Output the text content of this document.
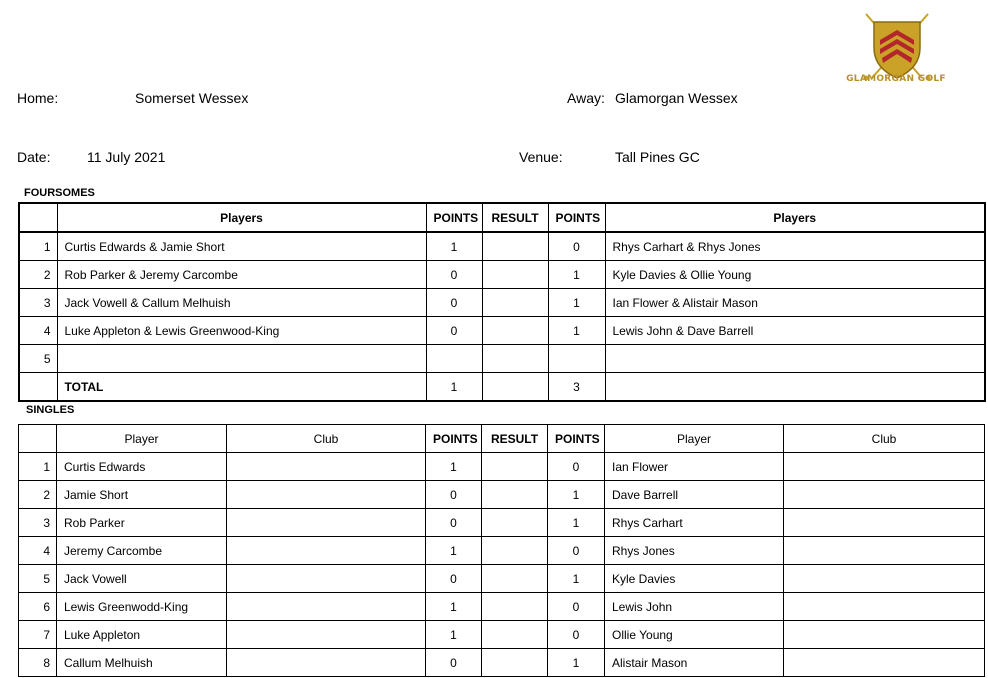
GLAMORGAN GOLF
Home:	Somerset Wessex	Away: Glamorgan Wessex
Date:	11 July 2021	Venue:	Tall Pines GC
FOURSOMES
	Players	POINTS	RESULT	POINTS	Players
1	Curtis Edwards & Jamie Short	1		0	Rhys Carhart & Rhys Jones
2	Rob Parker & Jeremy Carcombe	0		1	Kyle Davies & Ollie Young
3	Jack Vowell & Callum Melhuish	0		1	Ian Flower & Alistair Mason
4	Luke Appleton & Lewis Greenwood-King	0		1	Lewis John & Dave Barrell
5					
	TOTAL	1		3	
SINGLES
	Player	Club	POINTS	RESULT	POINTS	Player	Club
1	Curtis Edwards		1		0	Ian Flower	
2	Jamie Short		0		1	Dave Barrell	
3	Rob Parker		0		1	Rhys Carhart	
4	Jeremy Carcombe		1		0	Rhys Jones	
5	Jack Vowell		0		1	Kyle Davies	
6	Lewis Greenwodd-King		1		0	Lewis John	
7	Luke Appleton		1		0	Ollie Young	
8	Callum Melhuish		0		1	Alistair Mason	
